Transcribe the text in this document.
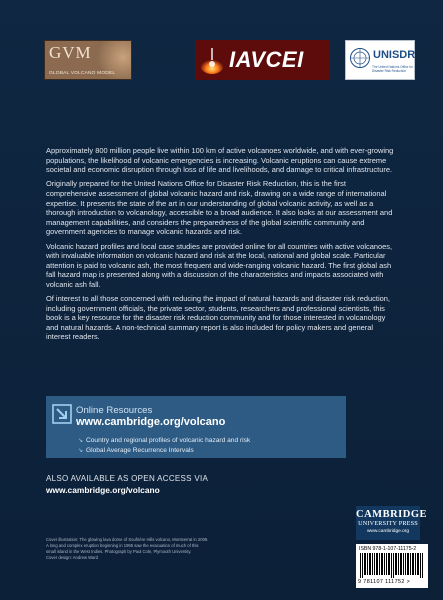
GVM
GLOBAL VOLCANO MODEL
IAVCEI	UNISDR
The United Nations Office for Disaster Risk Reduction

Approximately 800 million people live within 100 km of active volcanoes worldwide, and with ever-growing populations, the likelihood of volcanic emergencies is increasing. Volcanic eruptions can cause extreme societal and economic disruption through loss of life and livelihoods, and damage to critical infrastructure.

Originally prepared for the United Nations Office for Disaster Risk Reduction, this is the first comprehensive assessment of global volcanic hazard and risk, drawing on a wide range of international expertise. It presents the state of the art in our understanding of global volcanic activity, as well as a thorough introduction to volcanology, accessible to a broad audience. It also looks at our assessment and management capabilities, and considers the preparedness of the global scientific community and government agencies to manage volcanic hazards and risk.

Volcanic hazard profiles and local case studies are provided online for all countries with active volcanoes, with invaluable information on volcanic hazard and risk at the local, national and global scale. Particular attention is paid to volcanic ash, the most frequent and wide-ranging volcanic hazard. The first global ash fall hazard map is presented along with a discussion of the characteristics and impacts associated with volcanic ash fall.

Of interest to all those concerned with reducing the impact of natural hazards and disaster risk reduction, including government officials, the private sector, students, researchers and professional scientists, this book is a key resource for the disaster risk reduction community and for those interested in volcanology and natural hazards. A non-technical summary report is also included for policy makers and general interest readers.

Online Resources
www.cambridge.org/volcano
↘ Country and regional profiles of volcanic hazard and risk
↘ Global Average Recurrence Intervals
ALSO AVAILABLE AS OPEN ACCESS VIA
www.cambridge.org/volcano
Cover illustration: The glowing lava dome of Soufrière Hills volcano, Montserrat in 2009.
A long and complex eruption beginning in 1995 saw the evacuation of much of this
small island in the West Indies. Photograph by Paul Cole, Plymouth University.
Cover design: Andrew Ward
CAMBRIDGE
UNIVERSITY PRESS
www.cambridge.org
ISBN 978-1-107-11175-2
9 781107 111752 >
